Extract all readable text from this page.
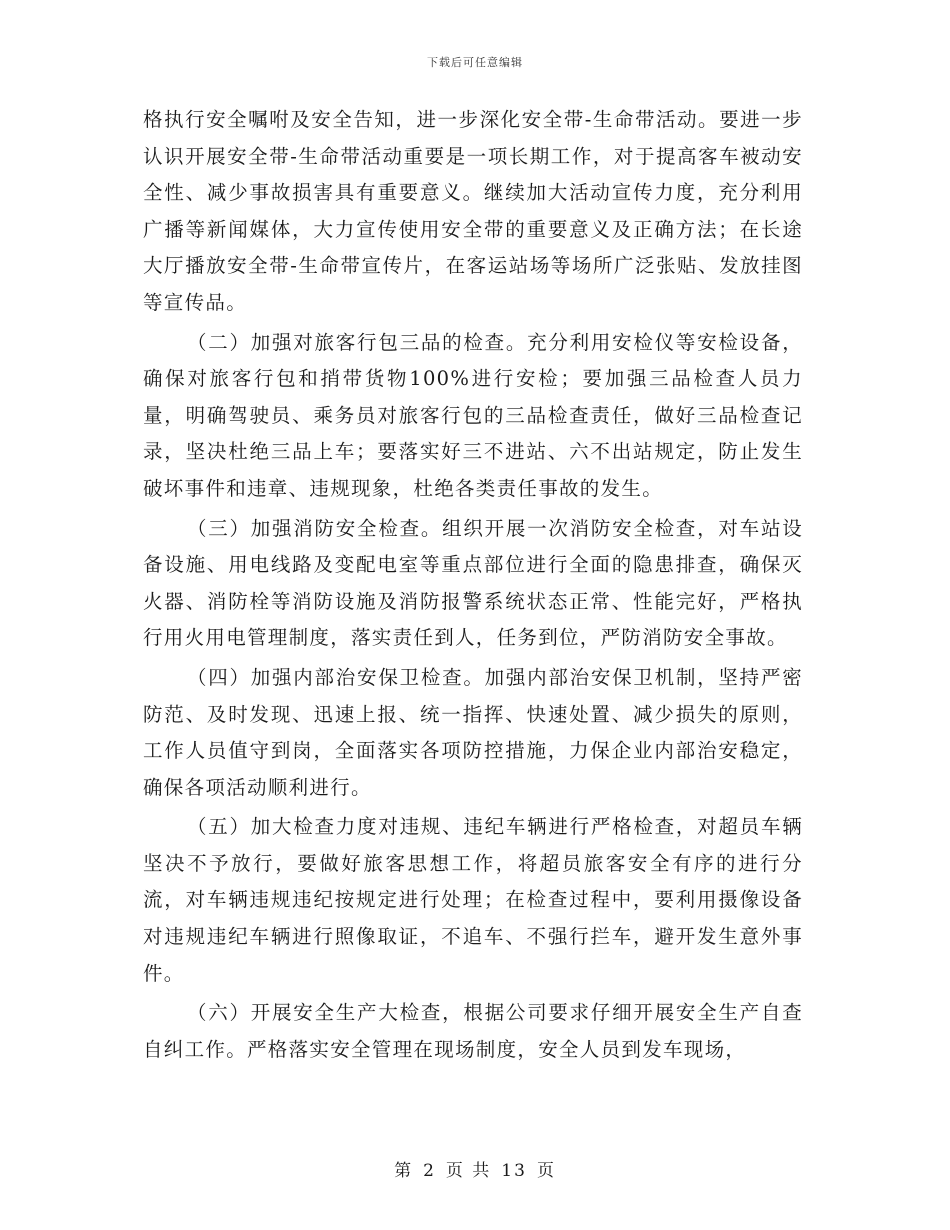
下载后可任意编辑

格执行安全嘱咐及安全告知，进一步深化安全带-生命带活动。要进一步认识开展安全带-生命带活动重要是一项长期工作，对于提高客车被动安全性、减少事故损害具有重要意义。继续加大活动宣传力度，充分利用广播等新闻媒体，大力宣传使用安全带的重要意义及正确方法；在长途大厅播放安全带-生命带宣传片，在客运站场等场所广泛张贴、发放挂图等宣传品。

（二）加强对旅客行包三品的检查。充分利用安检仪等安检设备，确保对旅客行包和捎带货物100%进行安检；要加强三品检查人员力量，明确驾驶员、乘务员对旅客行包的三品检查责任，做好三品检查记录，坚决杜绝三品上车；要落实好三不进站、六不出站规定，防止发生破坏事件和违章、违规现象，杜绝各类责任事故的发生。

（三）加强消防安全检查。组织开展一次消防安全检查，对车站设备设施、用电线路及变配电室等重点部位进行全面的隐患排查，确保灭火器、消防栓等消防设施及消防报警系统状态正常、性能完好，严格执行用火用电管理制度，落实责任到人，任务到位，严防消防安全事故。

（四）加强内部治安保卫检查。加强内部治安保卫机制，坚持严密防范、及时发现、迅速上报、统一指挥、快速处置、减少损失的原则，工作人员值守到岗，全面落实各项防控措施，力保企业内部治安稳定，确保各项活动顺利进行。

（五）加大检查力度对违规、违纪车辆进行严格检查，对超员车辆坚决不予放行，要做好旅客思想工作，将超员旅客安全有序的进行分流，对车辆违规违纪按规定进行处理；在检查过程中，要利用摄像设备对违规违纪车辆进行照像取证，不追车、不强行拦车，避开发生意外事件。

（六）开展安全生产大检查，根据公司要求仔细开展安全生产自查自纠工作。严格落实安全管理在现场制度，安全人员到发车现场，

第 2 页 共 13 页
